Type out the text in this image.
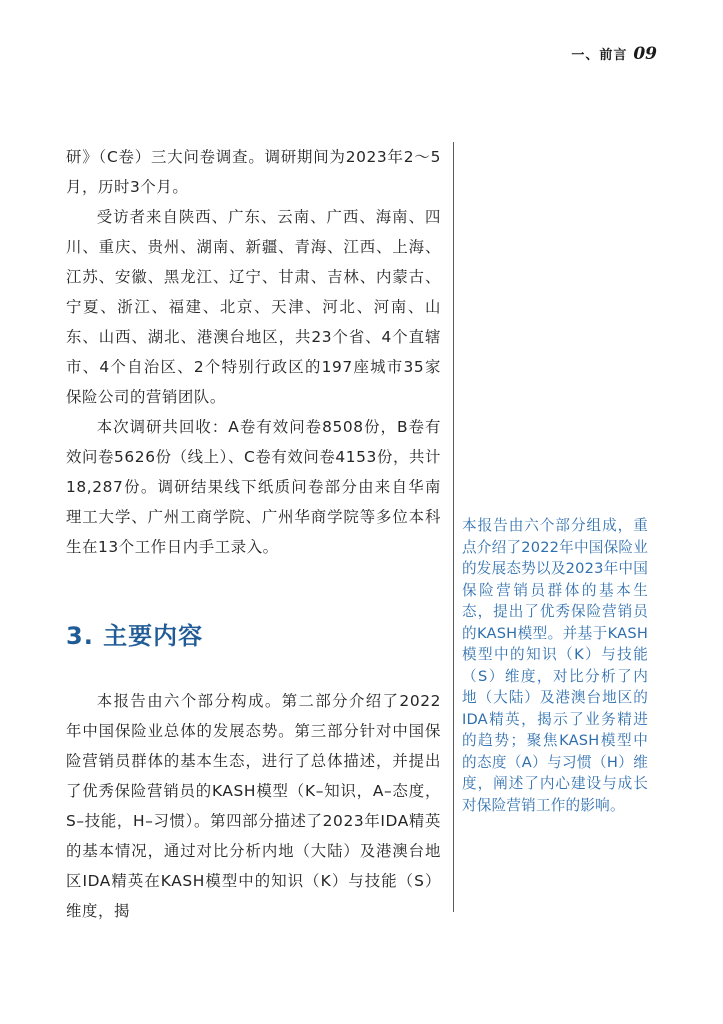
一、前言 09

研》（C卷）三大问卷调查。调研期间为2023年2～5月，历时3个月。

受访者来自陕西、广东、云南、广西、海南、四川、重庆、贵州、湖南、新疆、青海、江西、上海、江苏、安徽、黑龙江、辽宁、甘肃、吉林、内蒙古、宁夏、浙江、福建、北京、天津、河北、河南、山东、山西、湖北、港澳台地区，共23个省、4个直辖市、4个自治区、2个特别行政区的197座城市35家保险公司的营销团队。

本次调研共回收：A卷有效问卷8508份，B卷有效问卷5626份（线上）、C卷有效问卷4153份，共计18,287份。调研结果线下纸质问卷部分由来自华南理工大学、广州工商学院、广州华商学院等多位本科生在13个工作日内手工录入。

3. 主要内容

本报告由六个部分构成。第二部分介绍了2022年中国保险业总体的发展态势。第三部分针对中国保险营销员群体的基本生态，进行了总体描述，并提出了优秀保险营销员的KASH模型（K–知识，A–态度，S–技能，H–习惯）。第四部分描述了2023年IDA精英的基本情况，通过对比分析内地（大陆）及港澳台地区IDA精英在KASH模型中的知识（K）与技能（S）维度，揭

本报告由六个部分组成，重点介绍了2022年中国保险业的发展态势以及2023年中国保险营销员群体的基本生态，提出了优秀保险营销员的KASH模型。并基于KASH模型中的知识（K）与技能（S）维度，对比分析了内地（大陆）及港澳台地区的IDA精英，揭示了业务精进的趋势；聚焦KASH模型中的态度（A）与习惯（H）维度，阐述了内心建设与成长对保险营销工作的影响。
